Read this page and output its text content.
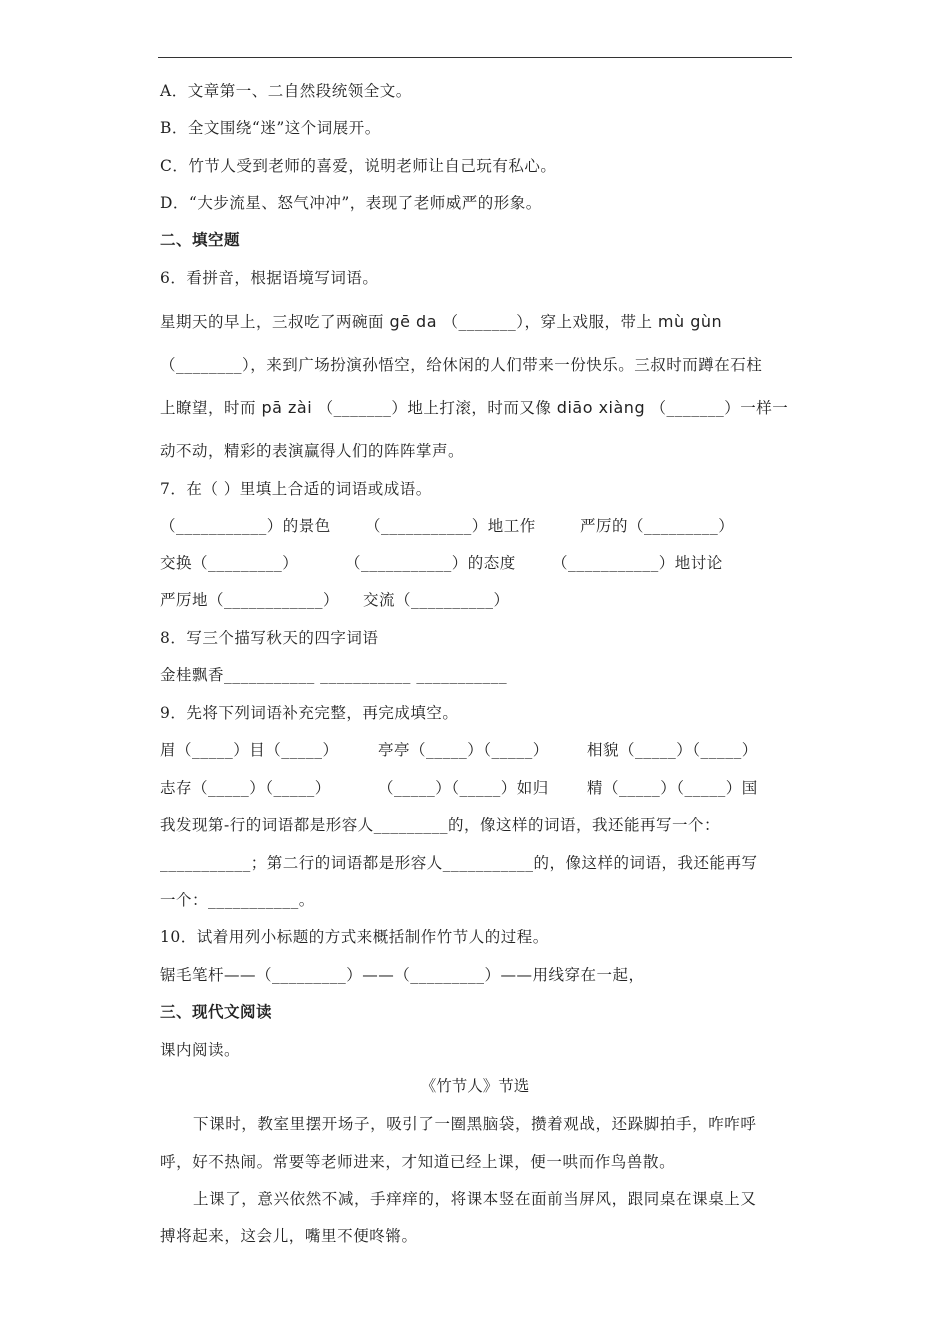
A．文章第一、二自然段统领全文。
B．全文围绕“迷”这个词展开。
C．竹节人受到老师的喜爱，说明老师让自己玩有私心。
D．“大步流星、怒气冲冲”，表现了老师威严的形象。
二、填空题
6．看拼音，根据语境写词语。
星期天的早上，三叔吃了两碗面 gē da （_______），穿上戏服，带上 mù gùn
（________），来到广场扮演孙悟空，给休闲的人们带来一份快乐。三叔时而蹲在石柱
上瞭望，时而 pā zài （_______）地上打滚，时而又像 diāo xiàng （_______）一样一
动不动，精彩的表演赢得人们的阵阵掌声。
7．在（ ）里填上合适的词语或成语。
（___________）的景色 （___________）地工作	严厉的（_________）
交换（_________）	（___________）的态度 （___________）地讨论
严厉地（____________） 交流（__________）
8．写三个描写秋天的四字词语
金桂飘香___________ ___________ ___________
9．先将下列词语补充完整，再完成填空。
眉（_____）目（_____）	亭亭（_____）（_____） 相貌（_____）（_____）
志存（_____）（_____）	（_____）（_____）如归 精（_____）（_____）国
我发现第-行的词语都是形容人_________的，像这样的词语，我还能再写一个：
___________；第二行的词语都是形容人___________的，像这样的词语，我还能再写
一个：___________。
10．试着用列小标题的方式来概括制作竹节人的过程。
锯毛笔杆——（_________）——（_________）——用线穿在一起，
三、现代文阅读
课内阅读。
《竹节人》节选
下课时，教室里摆开场子，吸引了一圈黑脑袋，攒着观战，还跺脚拍手，咋咋呼
呼，好不热闹。常要等老师进来，才知道已经上课，便一哄而作鸟兽散。
上课了，意兴依然不减，手痒痒的，将课本竖在面前当屏风，跟同桌在课桌上又
搏将起来，这会儿，嘴里不便咚锵。
